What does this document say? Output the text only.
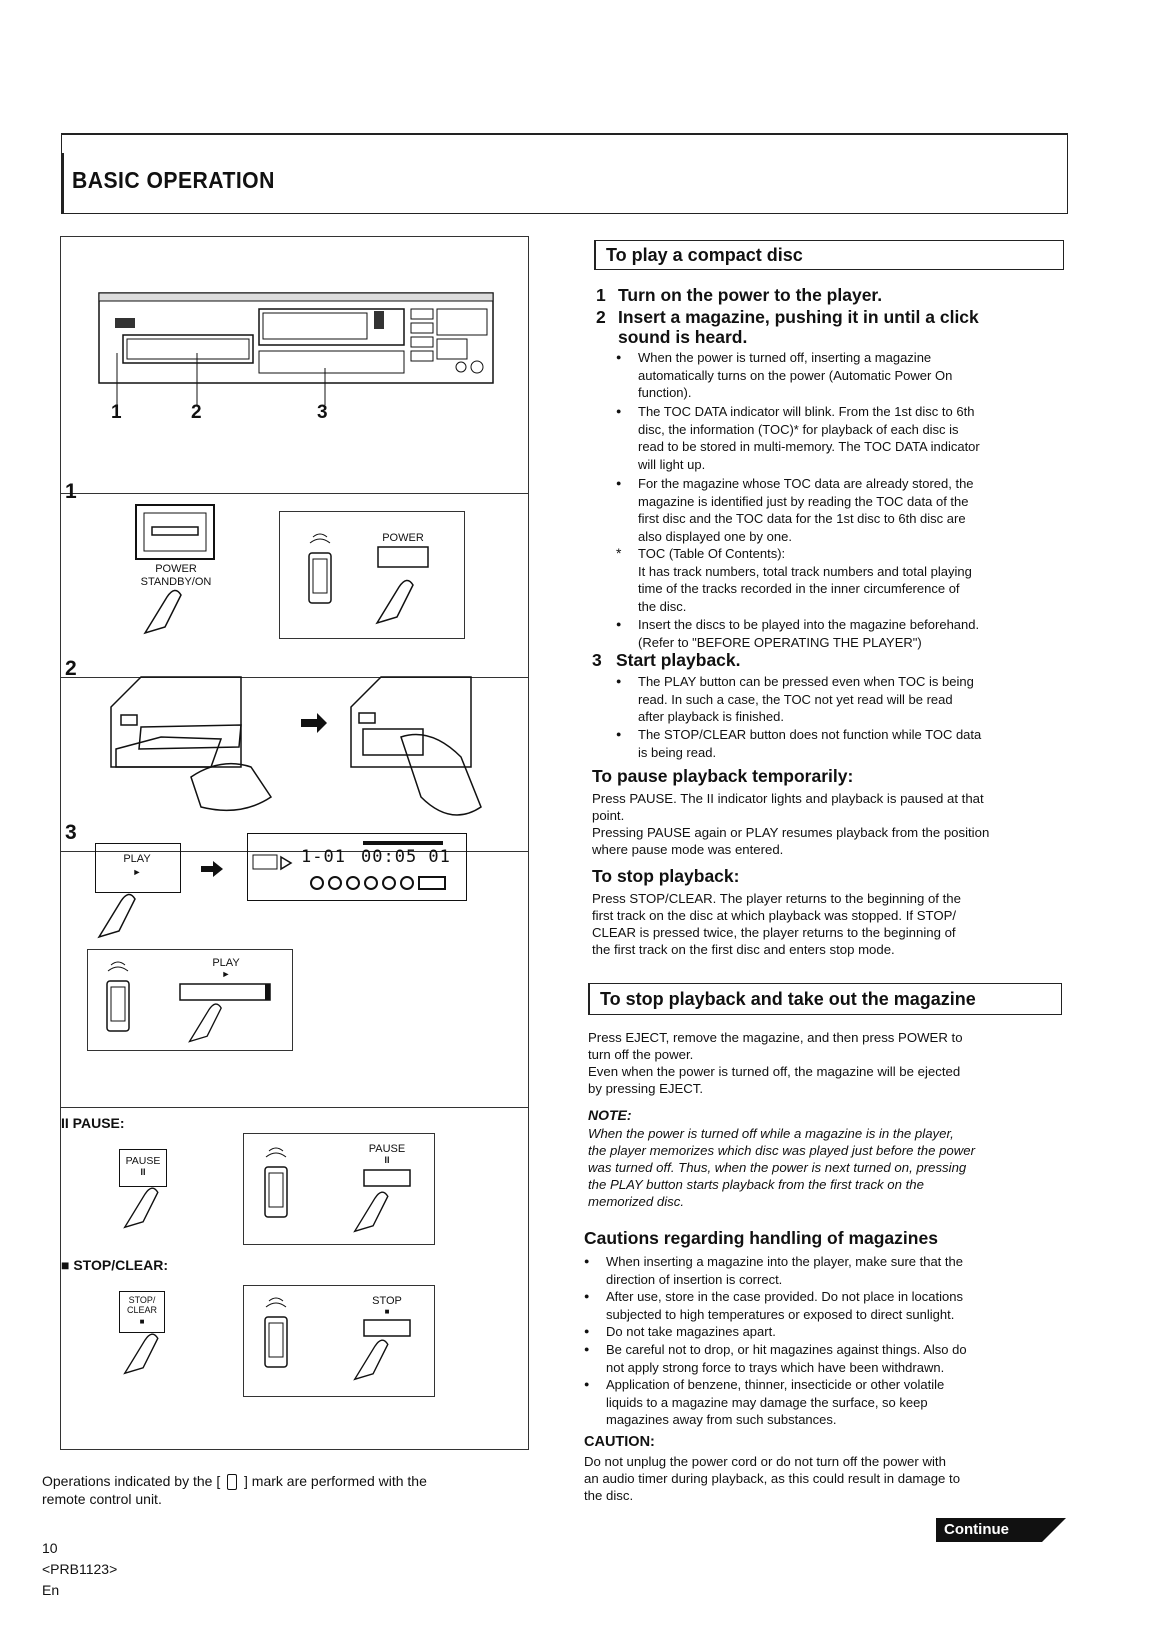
BASIC OPERATION
1	2	3
1
POWER
STANDBY/ON
POWER
2
3
PLAY
►
1-01 00:05 01
PLAY
►
II PAUSE:
PAUSE
II
PAUSE
II
■ STOP/CLEAR:
STOP/
CLEAR
■
STOP
■
Operations indicated by the [ ] mark are performed with the
remote control unit.
10
<PRB1123>
En
To play a compact disc
1 Turn on the power to the player.
2 Insert a magazine, pushing it in until a click
sound is heard.
● When the power is turned off, inserting a magazine
automatically turns on the power (Automatic Power On
function).
● The TOC DATA indicator will blink. From the 1st disc to 6th
disc, the information (TOC)* for playback of each disc is
read to be stored in multi-memory. The TOC DATA indicator
will light up.
● For the magazine whose TOC data are already stored, the
magazine is identified just by reading the TOC data of the
first disc and the TOC data for the 1st disc to 6th disc are
also displayed one by one.
* TOC (Table Of Contents):
It has track numbers, total track numbers and total playing
time of the tracks recorded in the inner circumference of
the disc.
● Insert the discs to be played into the magazine beforehand.
(Refer to "BEFORE OPERATING THE PLAYER")
3 Start playback.
● The PLAY button can be pressed even when TOC is being
read. In such a case, the TOC not yet read will be read
after playback is finished.
● The STOP/CLEAR button does not function while TOC data
is being read.
To pause playback temporarily:
Press PAUSE. The II indicator lights and playback is paused at that
point.
Pressing PAUSE again or PLAY resumes playback from the position
where pause mode was entered.
To stop playback:
Press STOP/CLEAR. The player returns to the beginning of the
first track on the disc at which playback was stopped. If STOP/
CLEAR is pressed twice, the player returns to the beginning of
the first track on the first disc and enters stop mode.
To stop playback and take out the magazine
Press EJECT, remove the magazine, and then press POWER to
turn off the power.
Even when the power is turned off, the magazine will be ejected
by pressing EJECT.
NOTE:
When the power is turned off while a magazine is in the player,
the player memorizes which disc was played just before the power
was turned off. Thus, when the power is next turned on, pressing
the PLAY button starts playback from the first track on the
memorized disc.
Cautions regarding handling of magazines
● When inserting a magazine into the player, make sure that the
direction of insertion is correct.
● After use, store in the case provided. Do not place in locations
subjected to high temperatures or exposed to direct sunlight.
● Do not take magazines apart.
● Be careful not to drop, or hit magazines against things. Also do
not apply strong force to trays which have been withdrawn.
● Application of benzene, thinner, insecticide or other volatile
liquids to a magazine may damage the surface, so keep
magazines away from such substances.
CAUTION:
Do not unplug the power cord or do not turn off the power with
an audio timer during playback, as this could result in damage to
the disc.
Continue
